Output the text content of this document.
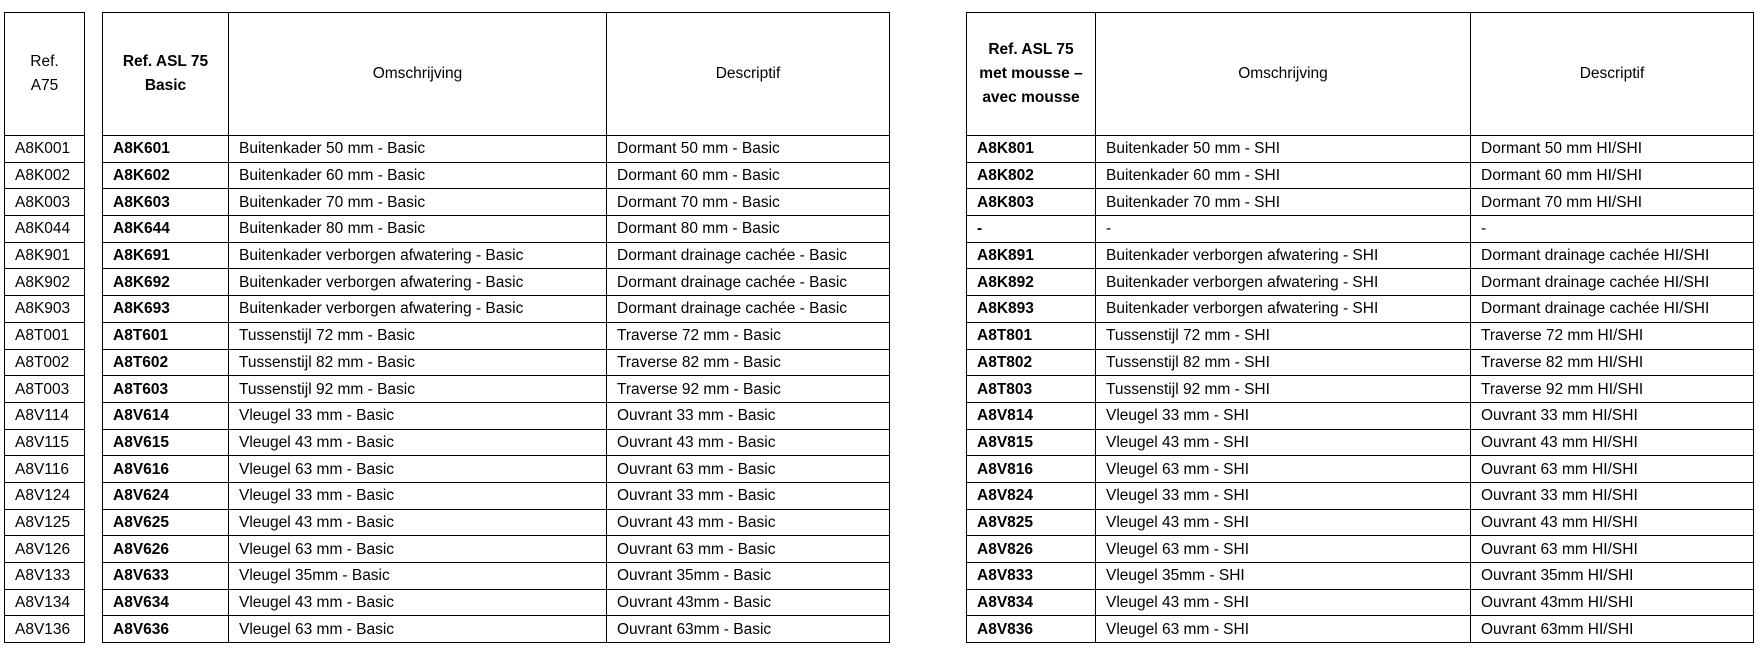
Ref.
A75
A8K001
A8K002
A8K003
A8K044
A8K901
A8K902
A8K903
A8T001
A8T002
A8T003
A8V114
A8V115
A8V116
A8V124
A8V125
A8V126
A8V133
A8V134
A8V136
Ref. ASL 75
Basic	Omschrijving	Descriptif
A8K601	Buitenkader 50 mm - Basic	Dormant 50 mm - Basic
A8K602	Buitenkader 60 mm - Basic	Dormant 60 mm - Basic
A8K603	Buitenkader 70 mm - Basic	Dormant 70 mm - Basic
A8K644	Buitenkader 80 mm - Basic	Dormant 80 mm - Basic
A8K691	Buitenkader verborgen afwatering - Basic	Dormant drainage cachée - Basic
A8K692	Buitenkader verborgen afwatering - Basic	Dormant drainage cachée - Basic
A8K693	Buitenkader verborgen afwatering - Basic	Dormant drainage cachée - Basic
A8T601	Tussenstijl 72 mm - Basic	Traverse 72 mm - Basic
A8T602	Tussenstijl 82 mm - Basic	Traverse 82 mm - Basic
A8T603	Tussenstijl 92 mm - Basic	Traverse 92 mm - Basic
A8V614	Vleugel 33 mm - Basic	Ouvrant 33 mm - Basic
A8V615	Vleugel 43 mm - Basic	Ouvrant 43 mm - Basic
A8V616	Vleugel 63 mm - Basic	Ouvrant 63 mm - Basic
A8V624	Vleugel 33 mm - Basic	Ouvrant 33 mm - Basic
A8V625	Vleugel 43 mm - Basic	Ouvrant 43 mm - Basic
A8V626	Vleugel 63 mm - Basic	Ouvrant 63 mm - Basic
A8V633	Vleugel 35mm - Basic	Ouvrant 35mm - Basic
A8V634	Vleugel 43 mm - Basic	Ouvrant 43mm - Basic
A8V636	Vleugel 63 mm - Basic	Ouvrant 63mm - Basic
Ref. ASL 75
met mousse –
avec mousse	Omschrijving	Descriptif
A8K801	Buitenkader 50 mm - SHI	Dormant 50 mm HI/SHI
A8K802	Buitenkader 60 mm - SHI	Dormant 60 mm HI/SHI
A8K803	Buitenkader 70 mm - SHI	Dormant 70 mm HI/SHI
-	-	-
A8K891	Buitenkader verborgen afwatering - SHI	Dormant drainage cachée HI/SHI
A8K892	Buitenkader verborgen afwatering - SHI	Dormant drainage cachée HI/SHI
A8K893	Buitenkader verborgen afwatering - SHI	Dormant drainage cachée HI/SHI
A8T801	Tussenstijl 72 mm - SHI	Traverse 72 mm HI/SHI
A8T802	Tussenstijl 82 mm - SHI	Traverse 82 mm HI/SHI
A8T803	Tussenstijl 92 mm - SHI	Traverse 92 mm HI/SHI
A8V814	Vleugel 33 mm - SHI	Ouvrant 33 mm HI/SHI
A8V815	Vleugel 43 mm - SHI	Ouvrant 43 mm HI/SHI
A8V816	Vleugel 63 mm - SHI	Ouvrant 63 mm HI/SHI
A8V824	Vleugel 33 mm - SHI	Ouvrant 33 mm HI/SHI
A8V825	Vleugel 43 mm - SHI	Ouvrant 43 mm HI/SHI
A8V826	Vleugel 63 mm - SHI	Ouvrant 63 mm HI/SHI
A8V833	Vleugel 35mm - SHI	Ouvrant 35mm HI/SHI
A8V834	Vleugel 43 mm - SHI	Ouvrant 43mm HI/SHI
A8V836	Vleugel 63 mm - SHI	Ouvrant 63mm HI/SHI
